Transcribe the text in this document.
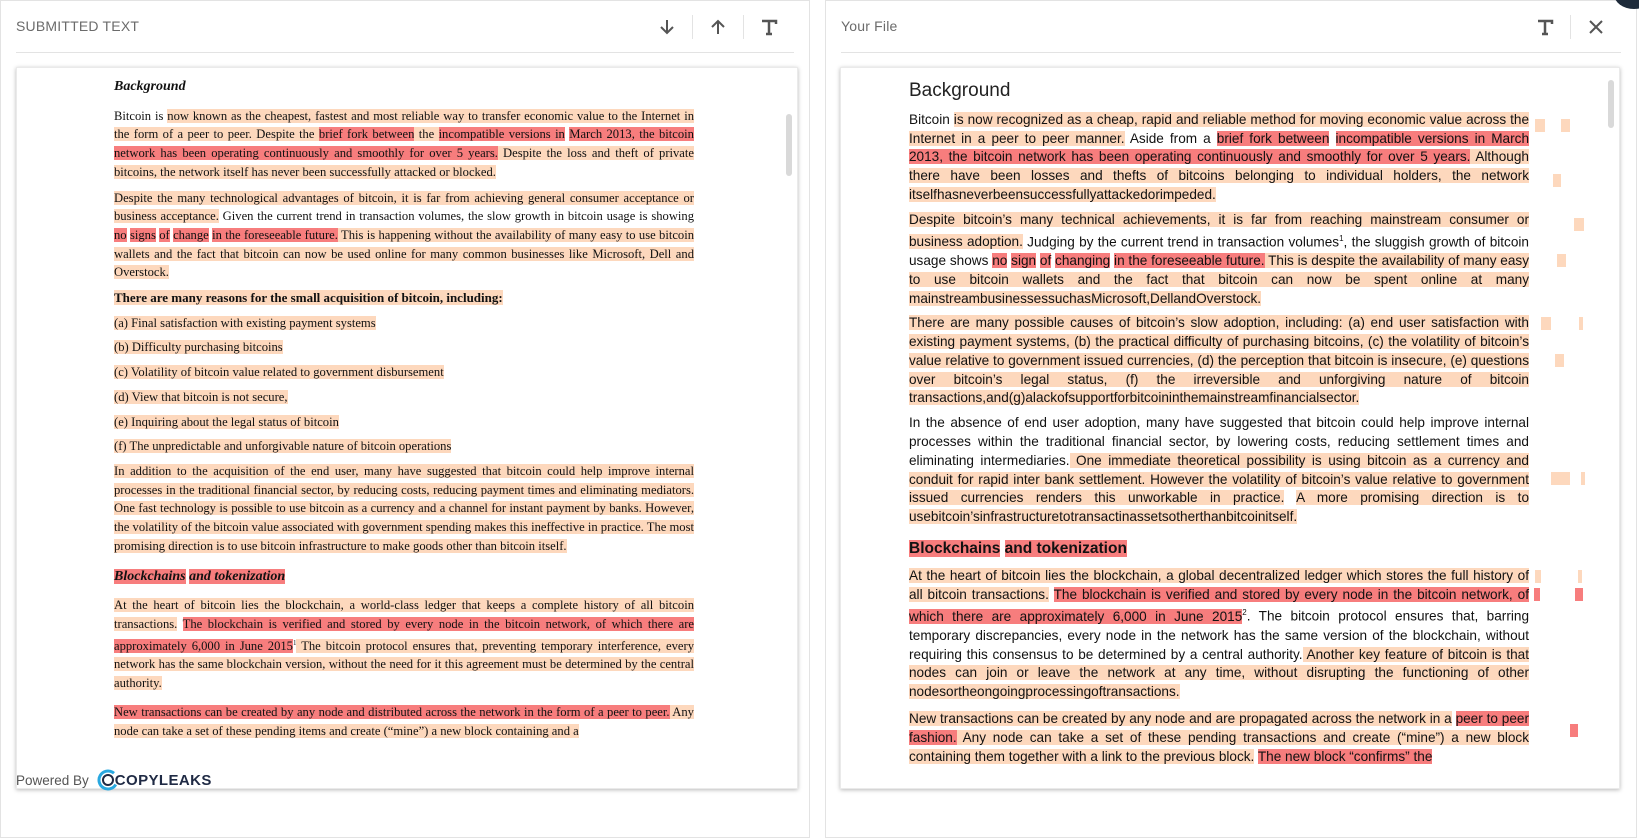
SUBMITTED TEXT

Background

Bitcoin is now known as the cheapest, fastest and most reliable way to transfer economic value to the Internet in the form of a peer to peer. Despite the brief fork between the incompatible versions in March 2013, the bitcoin network has been operating continuously and smoothly for over 5 years. Despite the loss and theft of private bitcoins, the network itself has never been successfully attacked or blocked.

Despite the many technological advantages of bitcoin, it is far from achieving general consumer acceptance or business acceptance. Given the current trend in transaction volumes, the slow growth in bitcoin usage is showing no signs of change in the foreseeable future. This is happening without the availability of many easy to use bitcoin wallets and the fact that bitcoin can now be used online for many common businesses like Microsoft, Dell and Overstock.

There are many reasons for the small acquisition of bitcoin, including:

(a) Final satisfaction with existing payment systems

(b) Difficulty purchasing bitcoins

(c) Volatility of bitcoin value related to government disbursement

(d) View that bitcoin is not secure,

(e) Inquiring about the legal status of bitcoin

(f) The unpredictable and unforgivable nature of bitcoin operations

In addition to the acquisition of the end user, many have suggested that bitcoin could help improve internal processes in the traditional financial sector, by reducing costs, reducing payment times and eliminating mediators. One fast technology is possible to use bitcoin as a currency and a channel for instant payment by banks. However, the volatility of the bitcoin value associated with government spending makes this ineffective in practice. The most promising direction is to use bitcoin infrastructure to make goods other than bitcoin itself.

Blockchains and tokenization

At the heart of bitcoin lies the blockchain, a world-class ledger that keeps a complete history of all bitcoin transactions. The blockchain is verified and stored by every node in the bitcoin network, of which there are approximately 6,000 in June 2015$^1$ The bitcoin protocol ensures that, preventing temporary interference, every network has the same blockchain version, without the need for it this agreement must be determined by the central authority.

New transactions can be created by any node and distributed across the network in the form of a peer to peer. Any node can take a set of these pending items and create (“mine”) a new block containing and a

Powered By COPYLEAKS
Your File

Background

Bitcoin is now recognized as a cheap, rapid and reliable method for moving economic value across the Internet in a peer to peer manner. Aside from a brief fork between incompatible versions in March 2013, the bitcoin network has been operating continuously and smoothly for over 5 years. Although there have been losses and thefts of bitcoins belonging to individual holders, the network itselfhasneverbeensuccessfullyattackedorimpeded.

Despite bitcoin’s many technical achievements, it is far from reaching mainstream consumer or business adoption. Judging by the current trend in transaction volumes$^1$, the sluggish growth of bitcoin usage shows no sign of changing in the foreseeable future. This is despite the availability of many easy to use bitcoin wallets and the fact that bitcoin can now be spent online at many mainstreambusinessessuchasMicrosoft,DellandOverstock.

There are many possible causes of bitcoin’s slow adoption, including: (a) end user satisfaction with existing payment systems, (b) the practical difficulty of purchasing bitcoins, (c) the volatility of bitcoin’s value relative to government issued currencies, (d) the perception that bitcoin is insecure, (e) questions over bitcoin’s legal status, (f) the irreversible and unforgiving nature of bitcoin transactions,and(g)alackofsupportforbitcoininthemainstreamfinancialsector.

In the absence of end user adoption, many have suggested that bitcoin could help improve internal processes within the traditional financial sector, by lowering costs, reducing settlement times and eliminating intermediaries. One immediate theoretical possibility is using bitcoin as a currency and conduit for rapid inter bank settlement. However the volatility of bitcoin’s value relative to government issued currencies renders this unworkable in practice. A more promising direction is to usebitcoin’sinfrastructuretotransactinassetsotherthanbitcoinitself.

Blockchains and tokenization

At the heart of bitcoin lies the blockchain, a global decentralized ledger which stores the full history of all bitcoin transactions. The blockchain is verified and stored by every node in the bitcoin network, of which there are approximately 6,000 in June 2015$^2$. The bitcoin protocol ensures that, barring temporary discrepancies, every node in the network has the same version of the blockchain, without requiring this consensus to be determined by a central authority. Another key feature of bitcoin is that nodes can join or leave the network at any time, without disrupting the functioning of other nodesortheongoingprocessingoftransactions.

New transactions can be created by any node and are propagated across the network in a peer to peer fashion. Any node can take a set of these pending transactions and create (“mine”) a new block containing them together with a link to the previous block. The new block “confirms” the
